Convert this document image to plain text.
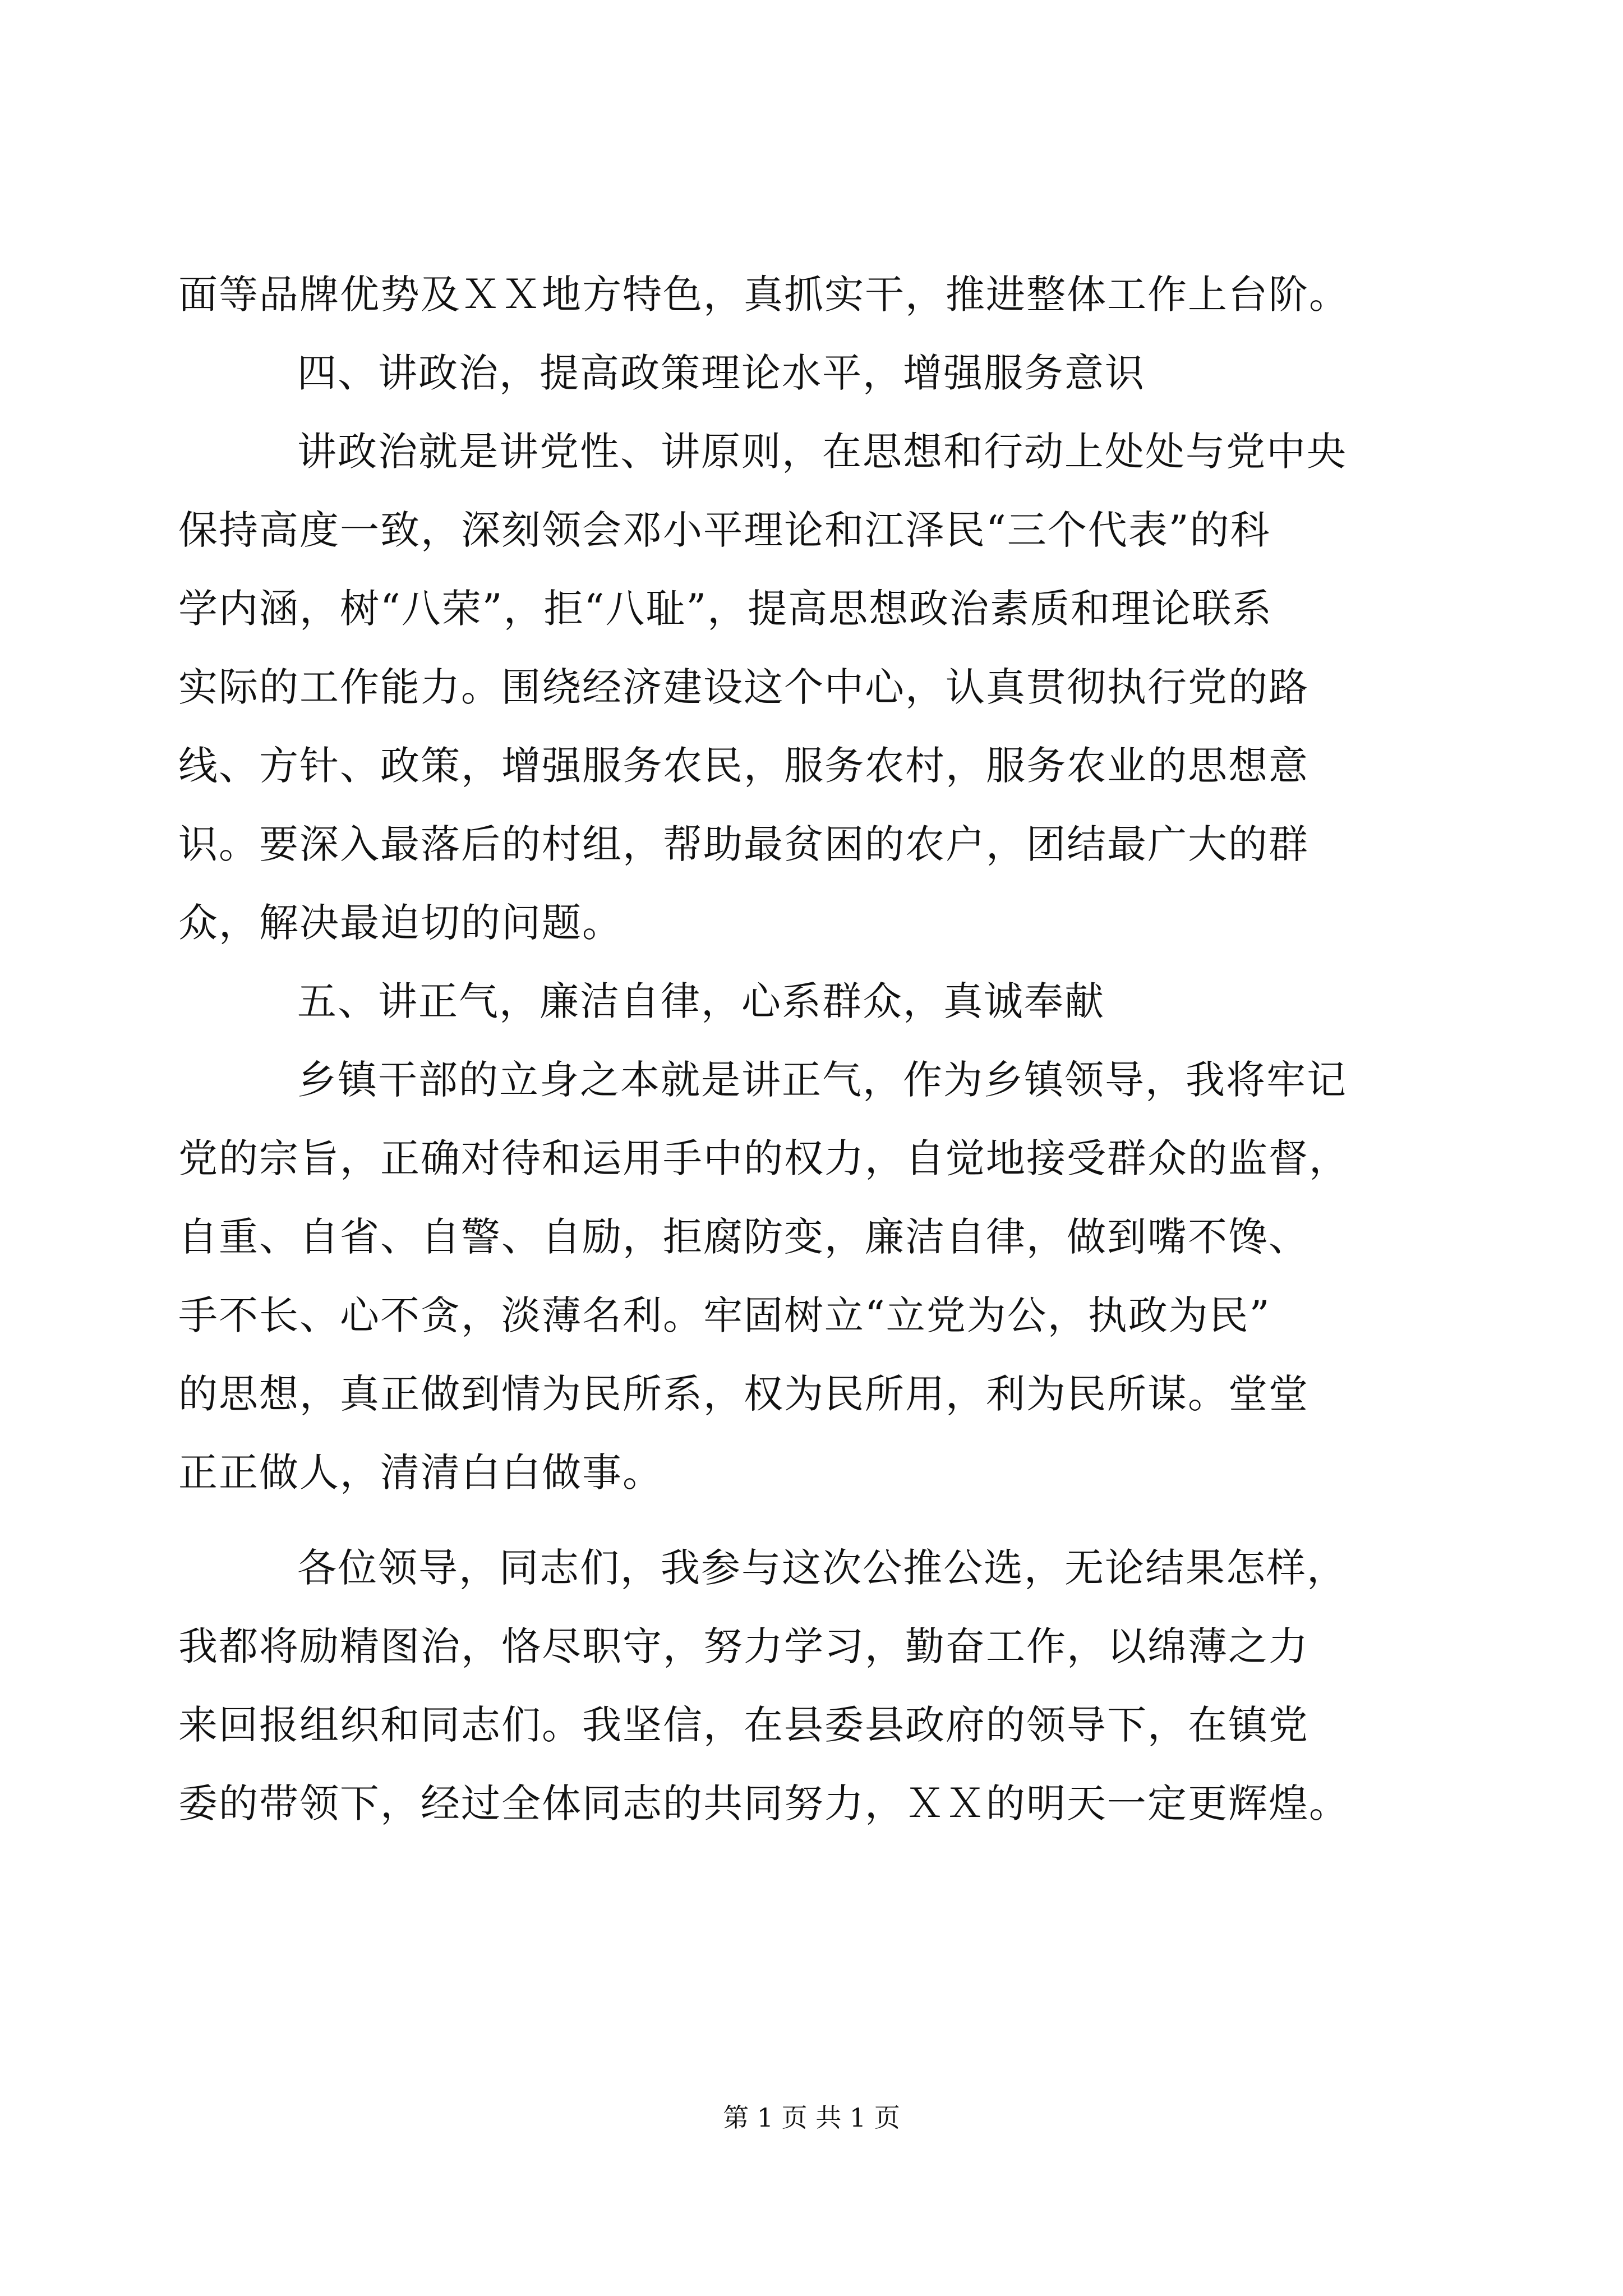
面等品牌优势及ＸＸ地方特色，真抓实干，推进整体工作上台阶。
四、讲政治，提高政策理论水平，增强服务意识
讲政治就是讲党性、讲原则，在思想和行动上处处与党中央
保持高度一致，深刻领会邓小平理论和江泽民“三个代表”的科
学内涵，树“八荣”，拒“八耻”，提高思想政治素质和理论联系
实际的工作能力。围绕经济建设这个中心，认真贯彻执行党的路
线、方针、政策，增强服务农民，服务农村，服务农业的思想意
识。要深入最落后的村组，帮助最贫困的农户，团结最广大的群
众，解决最迫切的问题。
五、讲正气，廉洁自律，心系群众，真诚奉献
乡镇干部的立身之本就是讲正气，作为乡镇领导，我将牢记
党的宗旨，正确对待和运用手中的权力，自觉地接受群众的监督，
自重、自省、自警、自励，拒腐防变，廉洁自律，做到嘴不馋、
手不长、心不贪，淡薄名利。牢固树立“立党为公，执政为民”
的思想，真正做到情为民所系，权为民所用，利为民所谋。堂堂
正正做人，清清白白做事。
各位领导，同志们，我参与这次公推公选，无论结果怎样，
我都将励精图治，恪尽职守，努力学习，勤奋工作，以绵薄之力
来回报组织和同志们。我坚信，在县委县政府的领导下，在镇党
委的带领下，经过全体同志的共同努力，ＸＸ的明天一定更辉煌。
第 1 页 共 1 页
